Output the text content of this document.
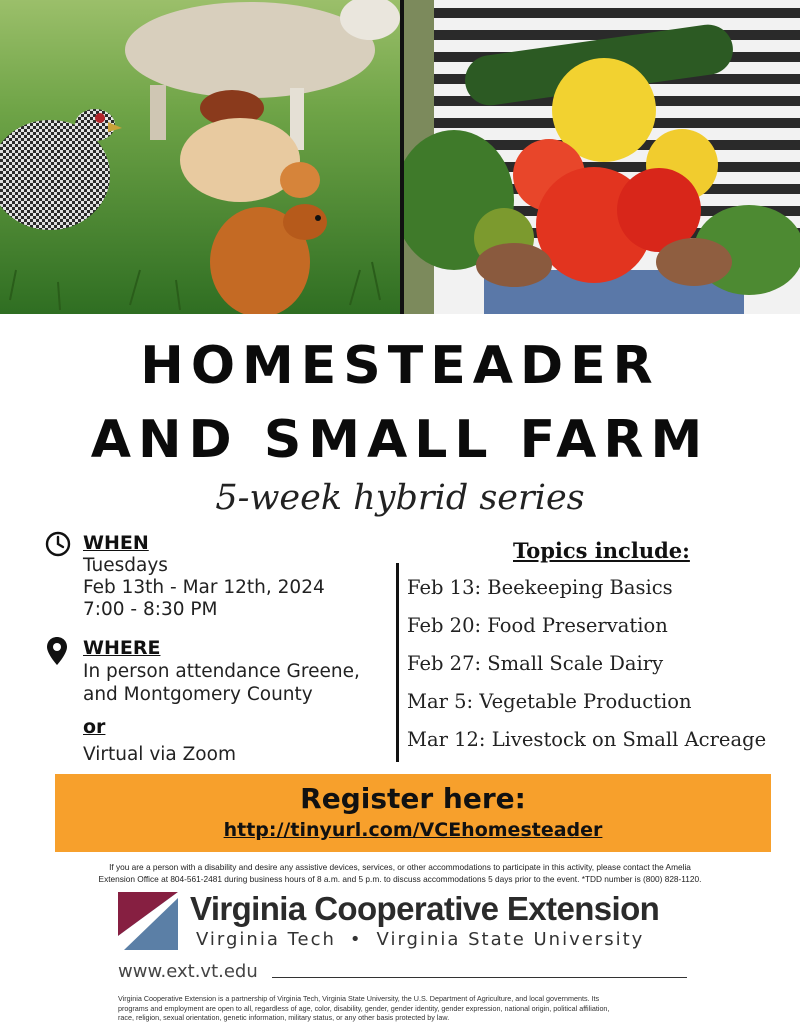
HOMESTEADER
AND SMALL FARM
5-week hybrid series
WHEN
Tuesdays
Feb 13th - Mar 12th, 2024
7:00 - 8:30 PM
WHERE
In person attendance Greene,
and Montgomery County
or
Virtual via Zoom
Topics include:
Feb 13: Beekeeping Basics
Feb 20: Food Preservation
Feb 27: Small Scale Dairy
Mar 5: Vegetable Production
Mar 12: Livestock on Small Acreage
Register here:
http://tinyurl.com/VCEhomesteader
If you are a person with a disability and desire any assistive devices, services, or other accommodations to participate in this activity, please contact the Amelia
Extension Office at 804-561-2481 during business hours of 8 a.m. and 5 p.m. to discuss accommodations 5 days prior to the event. *TDD number is (800) 828-1120.
Virginia Cooperative Extension
Virginia Tech • Virginia State University
www.ext.vt.edu
Virginia Cooperative Extension is a partnership of Virginia Tech, Virginia State University, the U.S. Department of Agriculture, and local governments. Its
programs and employment are open to all, regardless of age, color, disability, gender, gender identity, gender expression, national origin, political affiliation,
race, religion, sexual orientation, genetic information, military status, or any other basis protected by law.
